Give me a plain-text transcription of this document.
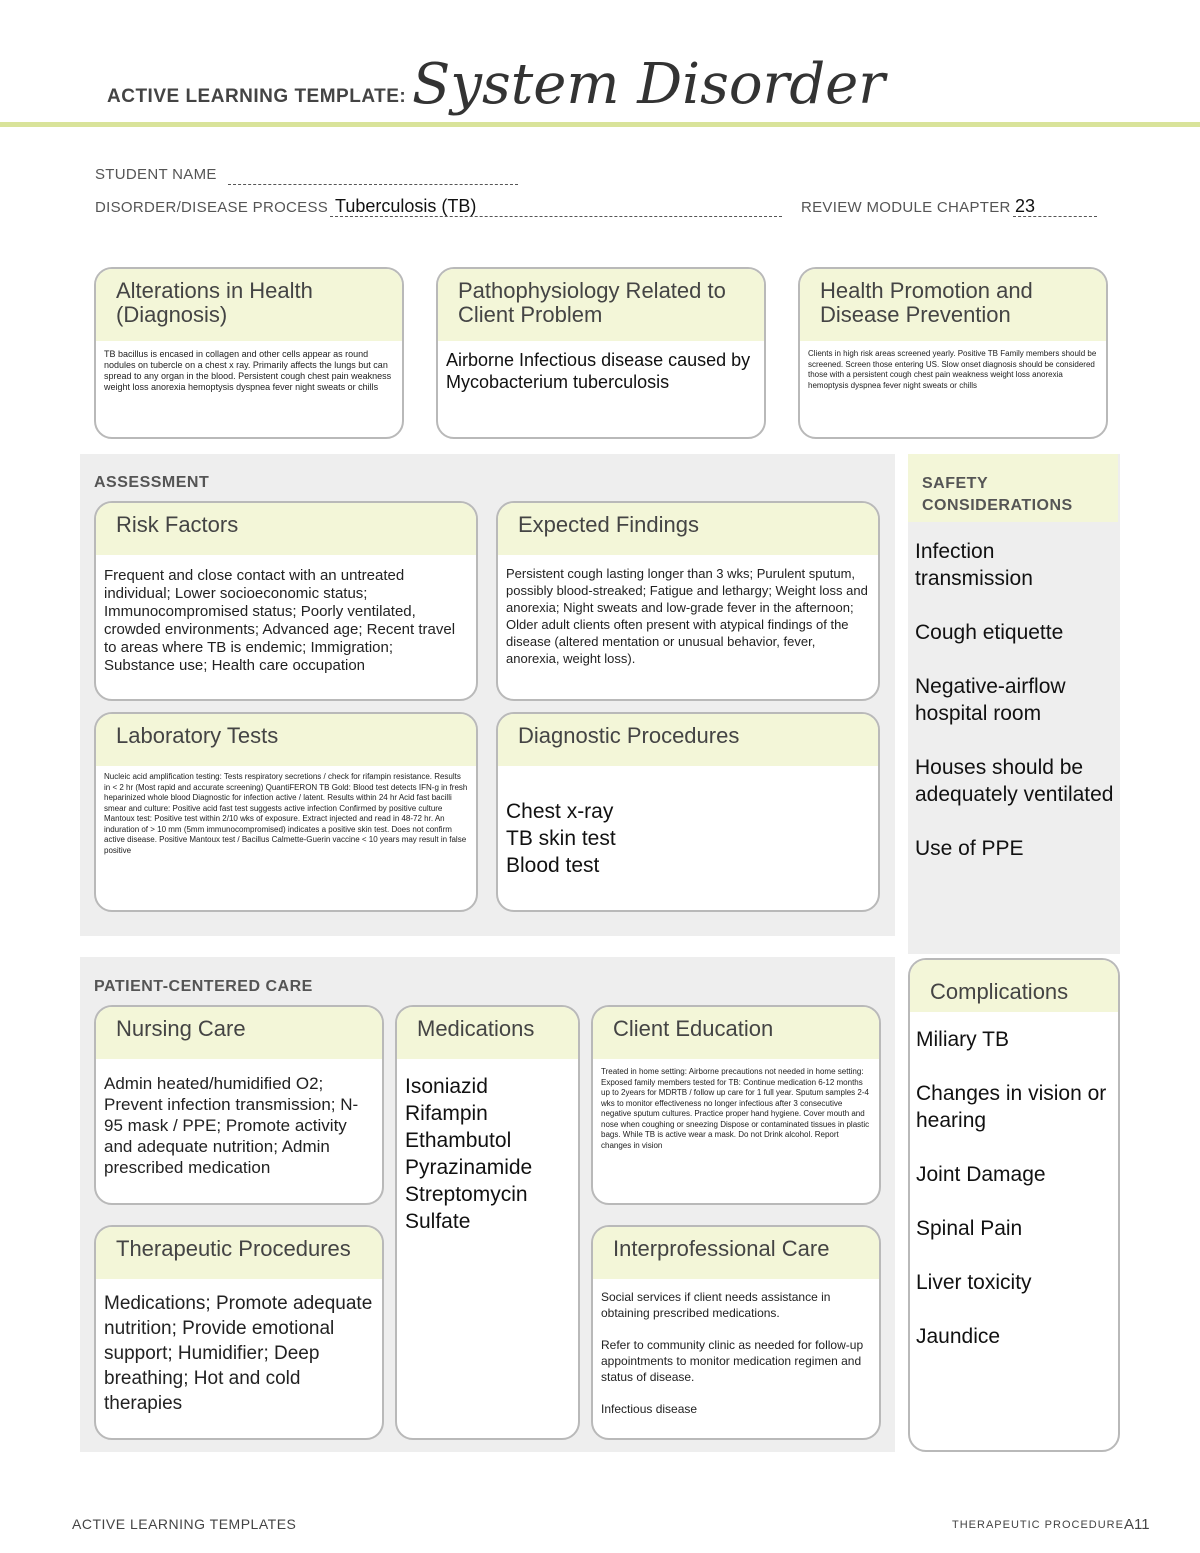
ACTIVE LEARNING TEMPLATE: System Disorder
STUDENT NAME
DISORDER/DISEASE PROCESS Tuberculosis (TB)	REVIEW MODULE CHAPTER 23
Alterations in Health (Diagnosis)
TB bacillus is encased in collagen and other cells appear as round nodules on tubercle on a chest x ray. Primarily affects the lungs but can spread to any organ in the blood. Persistent cough chest pain weakness weight loss anorexia hemoptysis dyspnea fever night sweats or chills
Pathophysiology Related to Client Problem
Airborne Infectious disease caused by Mycobacterium tuberculosis
Health Promotion and Disease Prevention
Clients in high risk areas screened yearly. Positive TB Family members should be screened. Screen those entering US. Slow onset diagnosis should be considered those with a persistent cough chest pain weakness weight loss anorexia hemoptysis dyspnea fever night sweats or chills
ASSESSMENT
Risk Factors
Frequent and close contact with an untreated individual; Lower socioeconomic status; Immunocompromised status; Poorly ventilated, crowded environments; Advanced age; Recent travel to areas where TB is endemic; Immigration; Substance use; Health care occupation
Expected Findings
Persistent cough lasting longer than 3 wks; Purulent sputum, possibly blood-streaked; Fatigue and lethargy; Weight loss and anorexia; Night sweats and low-grade fever in the afternoon; Older adult clients often present with atypical findings of the disease (altered mentation or unusual behavior, fever, anorexia, weight loss).
Laboratory Tests
Nucleic acid amplification testing: Tests respiratory secretions / check for rifampin resistance. Results in < 2 hr (Most rapid and accurate screening) QuantiFERON TB Gold: Blood test detects IFN-g in fresh heparinized whole blood Diagnostic for infection active / latent. Results within 24 hr Acid fast bacilli smear and culture: Positive acid fast test suggests active infection Confirmed by positive culture Mantoux test: Positive test within 2/10 wks of exposure. Extract injected and read in 48-72 hr. An induration of > 10 mm (5mm immunocompromised) indicates a positive skin test. Does not confirm active disease. Positive Mantoux test / Bacillus Calmette-Guerin vaccine < 10 years may result in false positive
Diagnostic Procedures
Chest x-ray
TB skin test
Blood test
SAFETY CONSIDERATIONS
Infection transmission
Cough etiquette
Negative-airflow hospital room
Houses should be adequately ventilated
Use of PPE
PATIENT-CENTERED CARE
Nursing Care
Admin heated/humidified O2; Prevent infection transmission; N-95 mask / PPE; Promote activity and adequate nutrition; Admin prescribed medication
Medications
Isoniazid
Rifampin
Ethambutol
Pyrazinamide
Streptomycin
Sulfate
Client Education
Treated in home setting: Airborne precautions not needed in home setting: Exposed family members tested for TB: Continue medication 6-12 months up to 2years for MDRTB / follow up care for 1 full year. Sputum samples 2-4 wks to monitor effectiveness no longer infectious after 3 consecutive negative sputum cultures. Practice proper hand hygiene. Cover mouth and nose when coughing or sneezing Dispose or contaminated tissues in plastic bags. While TB is active wear a mask. Do not Drink alcohol. Report changes in vision
Therapeutic Procedures
Medications; Promote adequate nutrition; Provide emotional support; Humidifier; Deep breathing; Hot and cold therapies
Interprofessional Care
Social services if client needs assistance in obtaining prescribed medications.
Refer to community clinic as needed for follow-up appointments to monitor medication regimen and status of disease.
Infectious disease
Complications
Miliary TB
Changes in vision or hearing
Joint Damage
Spinal Pain
Liver toxicity
Jaundice
ACTIVE LEARNING TEMPLATES	THERAPEUTIC PROCEDURE A11
